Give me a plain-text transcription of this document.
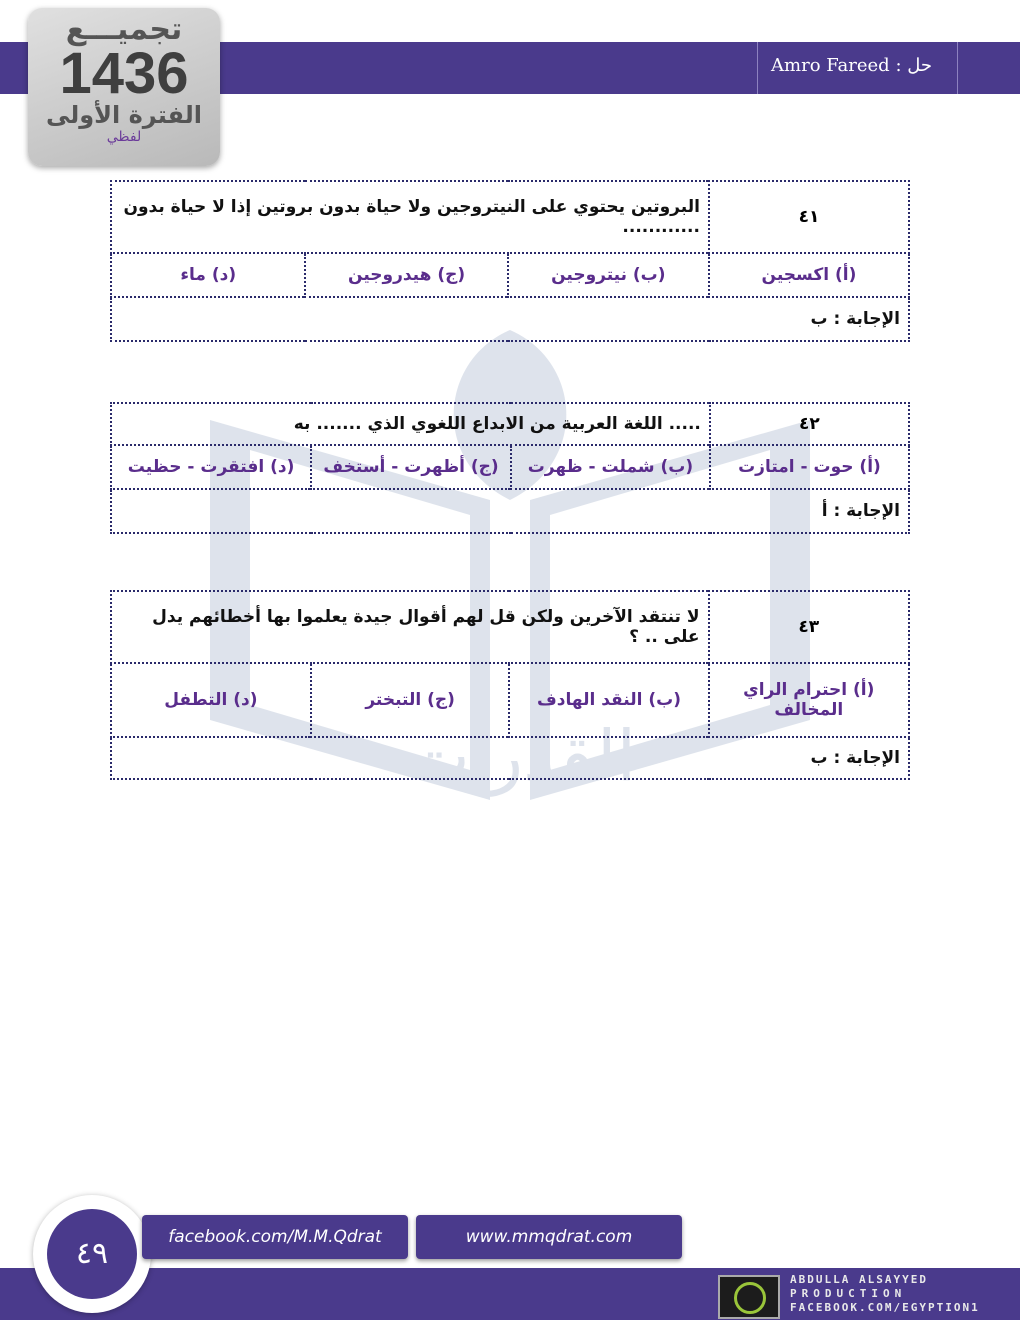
حل : Amro Fareed
تجميـــع
1436
الفترة الأولى
لفظي
القدرات
٤١	البروتين يحتوي على النيتروجين ولا حياة بدون بروتين إذا لا حياة بدون ............		
(أ) اكسجين	(ب) نيتروجين	(ج) هيدروجين	(د) ماء
الإجابة : ب			
٤٢	..... اللغة العربية من الابداع اللغوي الذي ....... به		
(أ) حوت - امتازت	(ب) شملت - ظهرت	(ج) أظهرت - أستخف	(د) افتقرت - حظيت
الإجابة : أ			
٤٣	لا تنتقد الآخرين ولكن قل لهم أقوال جيدة يعلموا بها أخطائهم يدل على .. ؟		
(أ) احترام الراي المخالف	(ب) النقد الهادف	(ج) التبختر	(د) التطفل
الإجابة : ب			
٤٩	facebook.com/M.M.Qdrat	www.mmqdrat.com
ABDULLA ALSAYYED
PRODUCTION
FACEBOOK.COM/EGYPTION1
